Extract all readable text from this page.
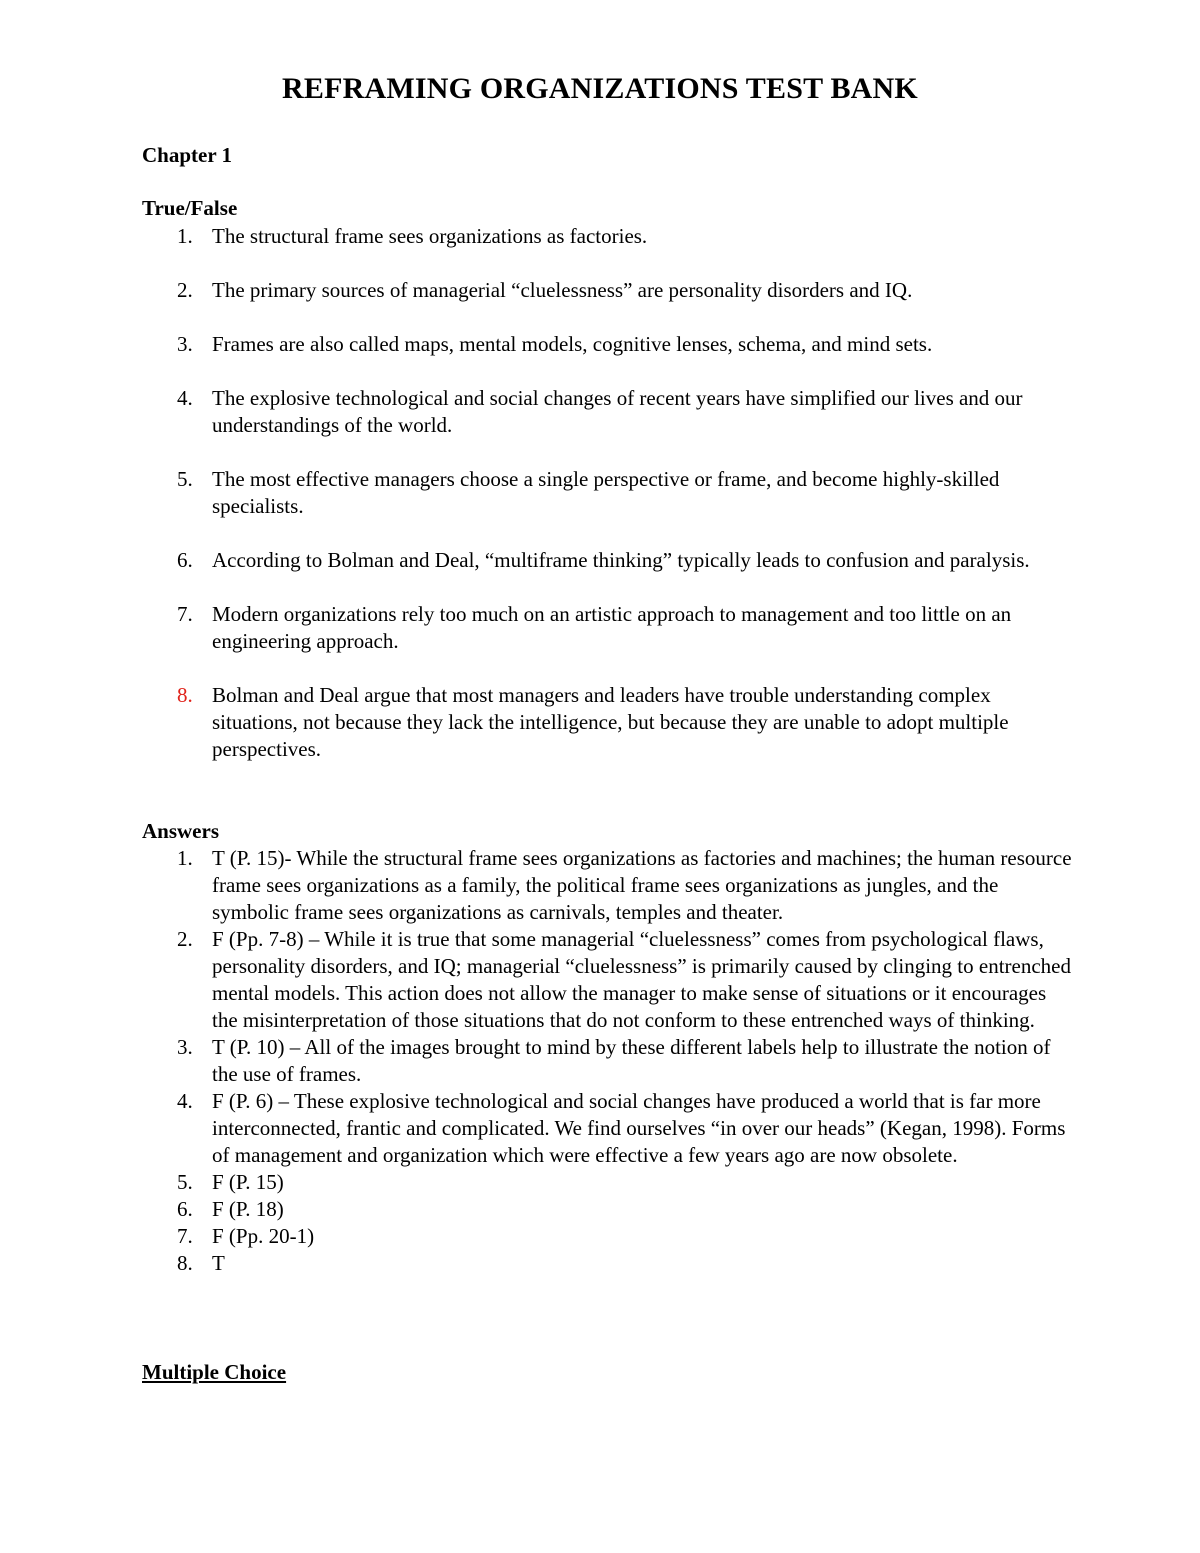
REFRAMING ORGANIZATIONS TEST BANK

Chapter 1

True/False

1. The structural frame sees organizations as factories.
2. The primary sources of managerial “cluelessness” are personality disorders and IQ.
3. Frames are also called maps, mental models, cognitive lenses, schema, and mind sets.
4. The explosive technological and social changes of recent years have simplified our lives and our understandings of the world.
5. The most effective managers choose a single perspective or frame, and become highly-skilled specialists.
6. According to Bolman and Deal, “multiframe thinking” typically leads to confusion and paralysis.
7. Modern organizations rely too much on an artistic approach to management and too little on an engineering approach.
8. Bolman and Deal argue that most managers and leaders have trouble understanding complex situations, not because they lack the intelligence, but because they are unable to adopt multiple perspectives.

Answers

1. T (P. 15)- While the structural frame sees organizations as factories and machines; the human resource frame sees organizations as a family, the political frame sees organizations as jungles, and the symbolic frame sees organizations as carnivals, temples and theater.
2. F (Pp. 7-8) – While it is true that some managerial “cluelessness” comes from psychological flaws, personality disorders, and IQ; managerial “cluelessness” is primarily caused by clinging to entrenched mental models. This action does not allow the manager to make sense of situations or it encourages the misinterpretation of those situations that do not conform to these entrenched ways of thinking.
3. T (P. 10) – All of the images brought to mind by these different labels help to illustrate the notion of the use of frames.
4. F (P. 6) – These explosive technological and social changes have produced a world that is far more interconnected, frantic and complicated. We find ourselves “in over our heads” (Kegan, 1998). Forms of management and organization which were effective a few years ago are now obsolete.
5. F (P. 15)
6. F (P. 18)
7. F (Pp. 20-1)
8. T

Multiple Choice
